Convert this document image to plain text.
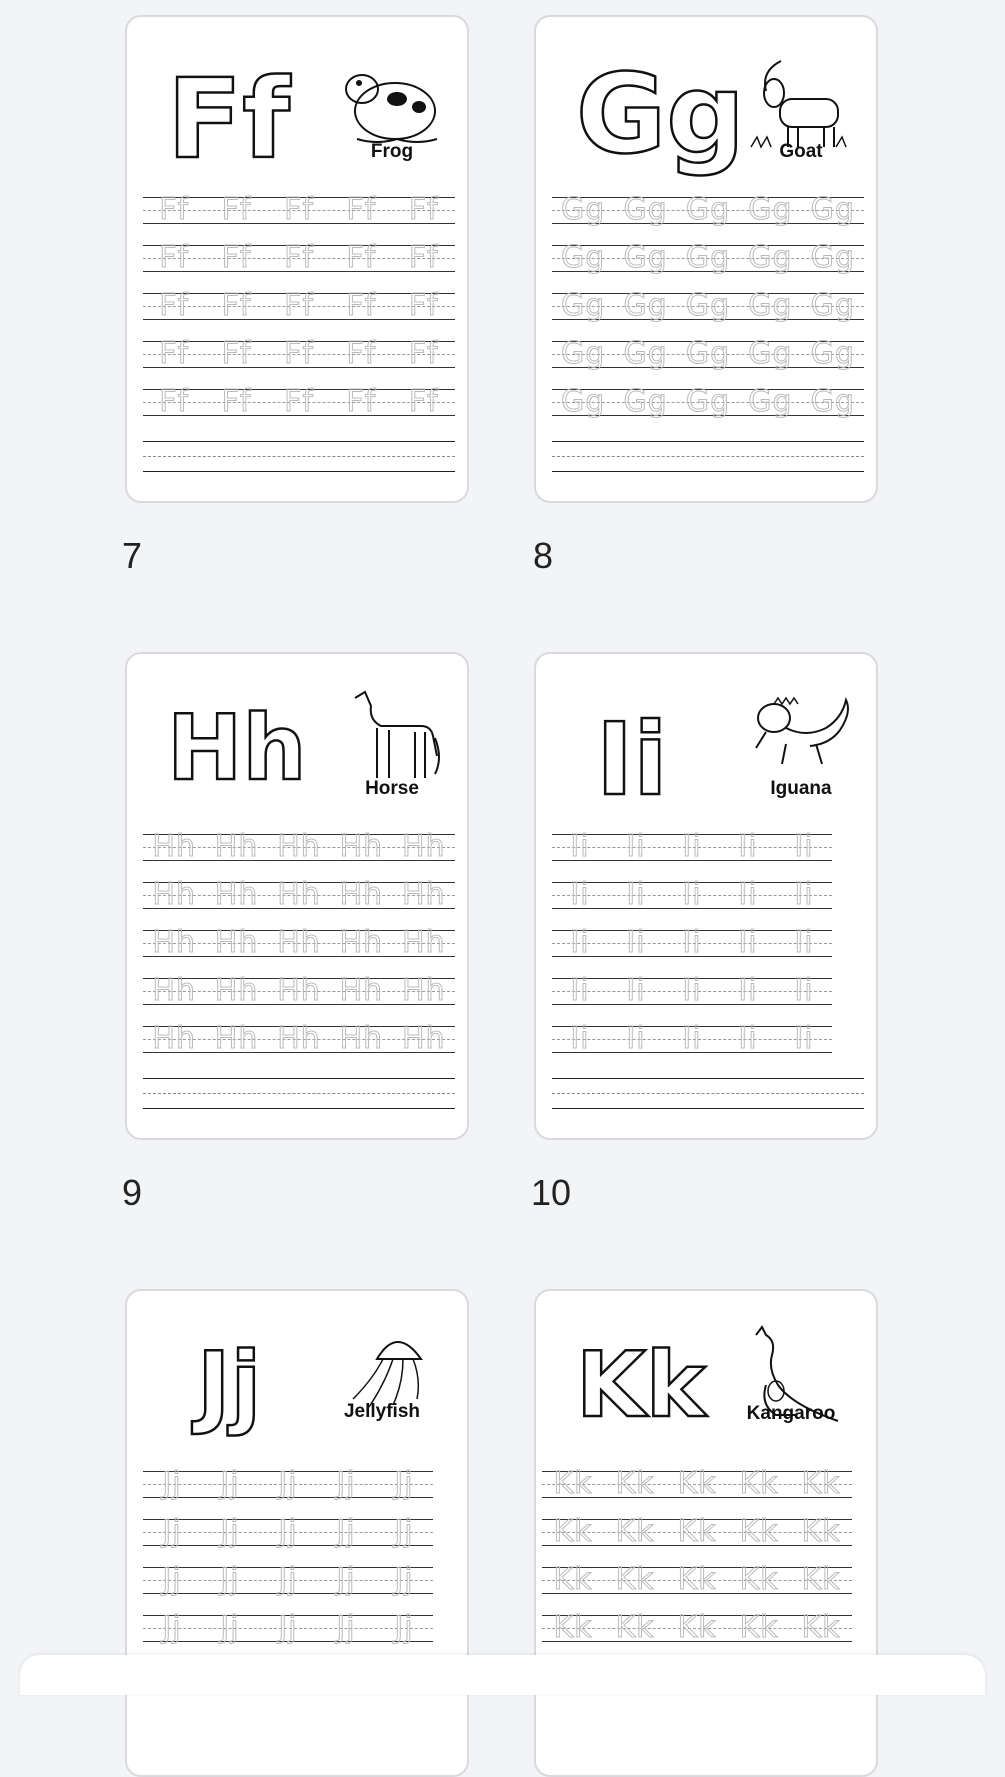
Ff	Frog
Ff Ff Ff Ff Ff
Ff Ff Ff Ff Ff
Ff Ff Ff Ff Ff
Ff Ff Ff Ff Ff
Ff Ff Ff Ff Ff
7
Gg	Goat
Gg Gg Gg Gg Gg
Gg Gg Gg Gg Gg
Gg Gg Gg Gg Gg
Gg Gg Gg Gg Gg
Gg Gg Gg Gg Gg
8
Hh	Horse
Hh Hh Hh Hh Hh
Hh Hh Hh Hh Hh
Hh Hh Hh Hh Hh
Hh Hh Hh Hh Hh
Hh Hh Hh Hh Hh
9
Ii	Iguana
Ii Ii Ii Ii Ii
Ii Ii Ii Ii Ii
Ii Ii Ii Ii Ii
Ii Ii Ii Ii Ii
Ii Ii Ii Ii Ii
10
Jj	Jellyfish
Jj Jj Jj Jj Jj
Jj Jj Jj Jj Jj
Jj Jj Jj Jj Jj
Jj Jj Jj Jj Jj
Kk	Kangaroo
Kk Kk Kk Kk Kk
Kk Kk Kk Kk Kk
Kk Kk Kk Kk Kk
Kk Kk Kk Kk Kk
